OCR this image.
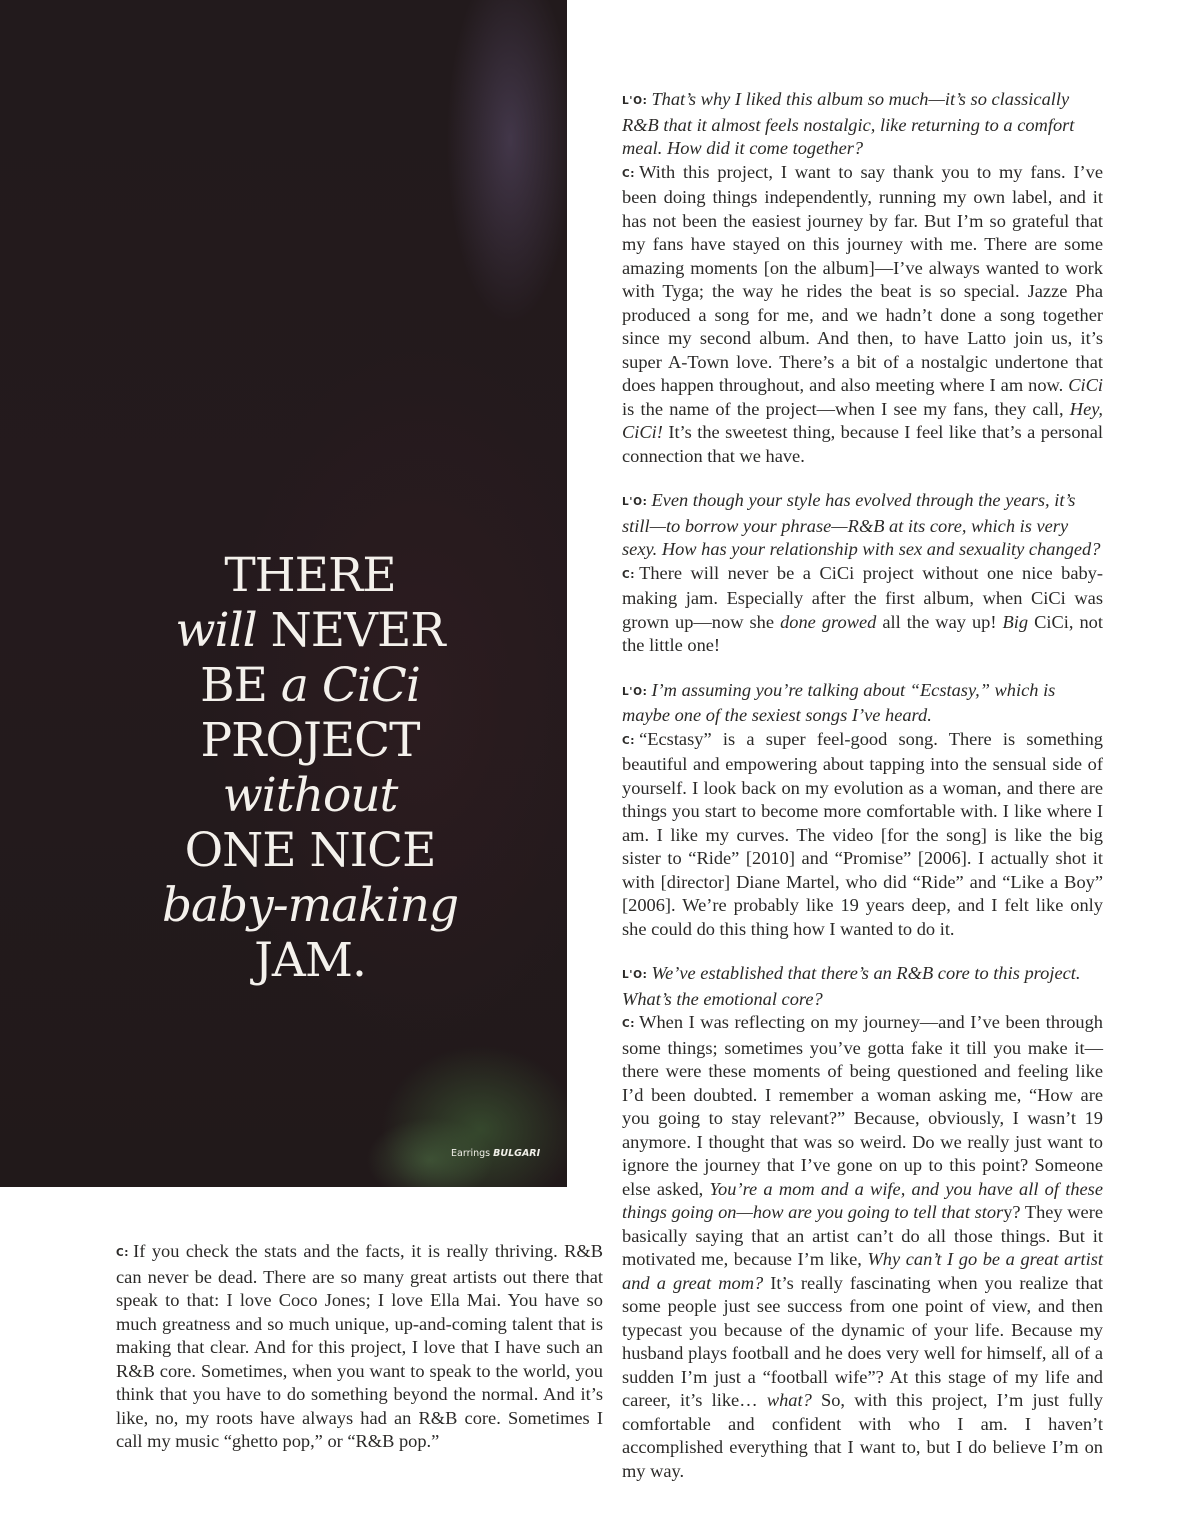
THERE
will NEVER
BE a CiCi
PROJECT
without
ONE NICE
baby-making
JAM.
Earrings BULGARI
C: If you check the stats and the facts, it is really thriving. R&B can never be dead. There are so many great artists out there that speak to that: I love Coco Jones; I love Ella Mai. You have so much greatness and so much unique, up-and-coming talent that is making that clear. And for this project, I love that I have such an R&B core. Sometimes, when you want to speak to the world, you think that you have to do something beyond the normal. And it’s like, no, my roots have always had an R&B core. Sometimes I call my music “ghetto pop,” or “R&B pop.”
L'O: That’s why I liked this album so much—it’s so classically R&B that it almost feels nostalgic, like returning to a comfort meal. How did it come together?
C: With this project, I want to say thank you to my fans. I’ve been doing things independently, running my own label, and it has not been the easiest journey by far. But I’m so grateful that my fans have stayed on this journey with me. There are some amazing moments [on the album]—I’ve always wanted to work with Tyga; the way he rides the beat is so special. Jazze Pha produced a song for me, and we hadn’t done a song together since my second album. And then, to have Latto join us, it’s super A-Town love. There’s a bit of a nostalgic undertone that does happen throughout, and also meeting where I am now. CiCi is the name of the project—when I see my fans, they call, Hey, CiCi! It’s the sweetest thing, because I feel like that’s a personal connection that we have.
L'O: Even though your style has evolved through the years, it’s still—to borrow your phrase—R&B at its core, which is very sexy. How has your relationship with sex and sexuality changed?
C: There will never be a CiCi project without one nice baby-making jam. Especially after the first album, when CiCi was grown up—now she done growed all the way up! Big CiCi, not the little one!
L'O: I’m assuming you’re talking about “Ecstasy,” which is maybe one of the sexiest songs I’ve heard.
C: “Ecstasy” is a super feel-good song. There is something beautiful and empowering about tapping into the sensual side of yourself. I look back on my evolution as a woman, and there are things you start to become more comfortable with. I like where I am. I like my curves. The video [for the song] is like the big sister to “Ride” [2010] and “Promise” [2006]. I actually shot it with [director] Diane Martel, who did “Ride” and “Like a Boy” [2006]. We’re probably like 19 years deep, and I felt like only she could do this thing how I wanted to do it.
L'O: We’ve established that there’s an R&B core to this project. What’s the emotional core?
C: When I was reflecting on my journey—and I’ve been through some things; sometimes you’ve gotta fake it till you make it—there were these moments of being questioned and feeling like I’d been doubted. I remember a woman asking me, “How are you going to stay relevant?” Because, obviously, I wasn’t 19 anymore. I thought that was so weird. Do we really just want to ignore the journey that I’ve gone on up to this point? Someone else asked, You’re a mom and a wife, and you have all of these things going on—how are you going to tell that story? They were basically saying that an artist can’t do all those things. But it motivated me, because I’m like, Why can’t I go be a great artist and a great mom? It’s really fascinating when you realize that some people just see success from one point of view, and then typecast you because of the dynamic of your life. Because my husband plays football and he does very well for himself, all of a sudden I’m just a “football wife”? At this stage of my life and career, it’s like… what? So, with this project, I’m just fully comfortable and confident with who I am. I haven’t accomplished everything that I want to, but I do believe I’m on my way.
